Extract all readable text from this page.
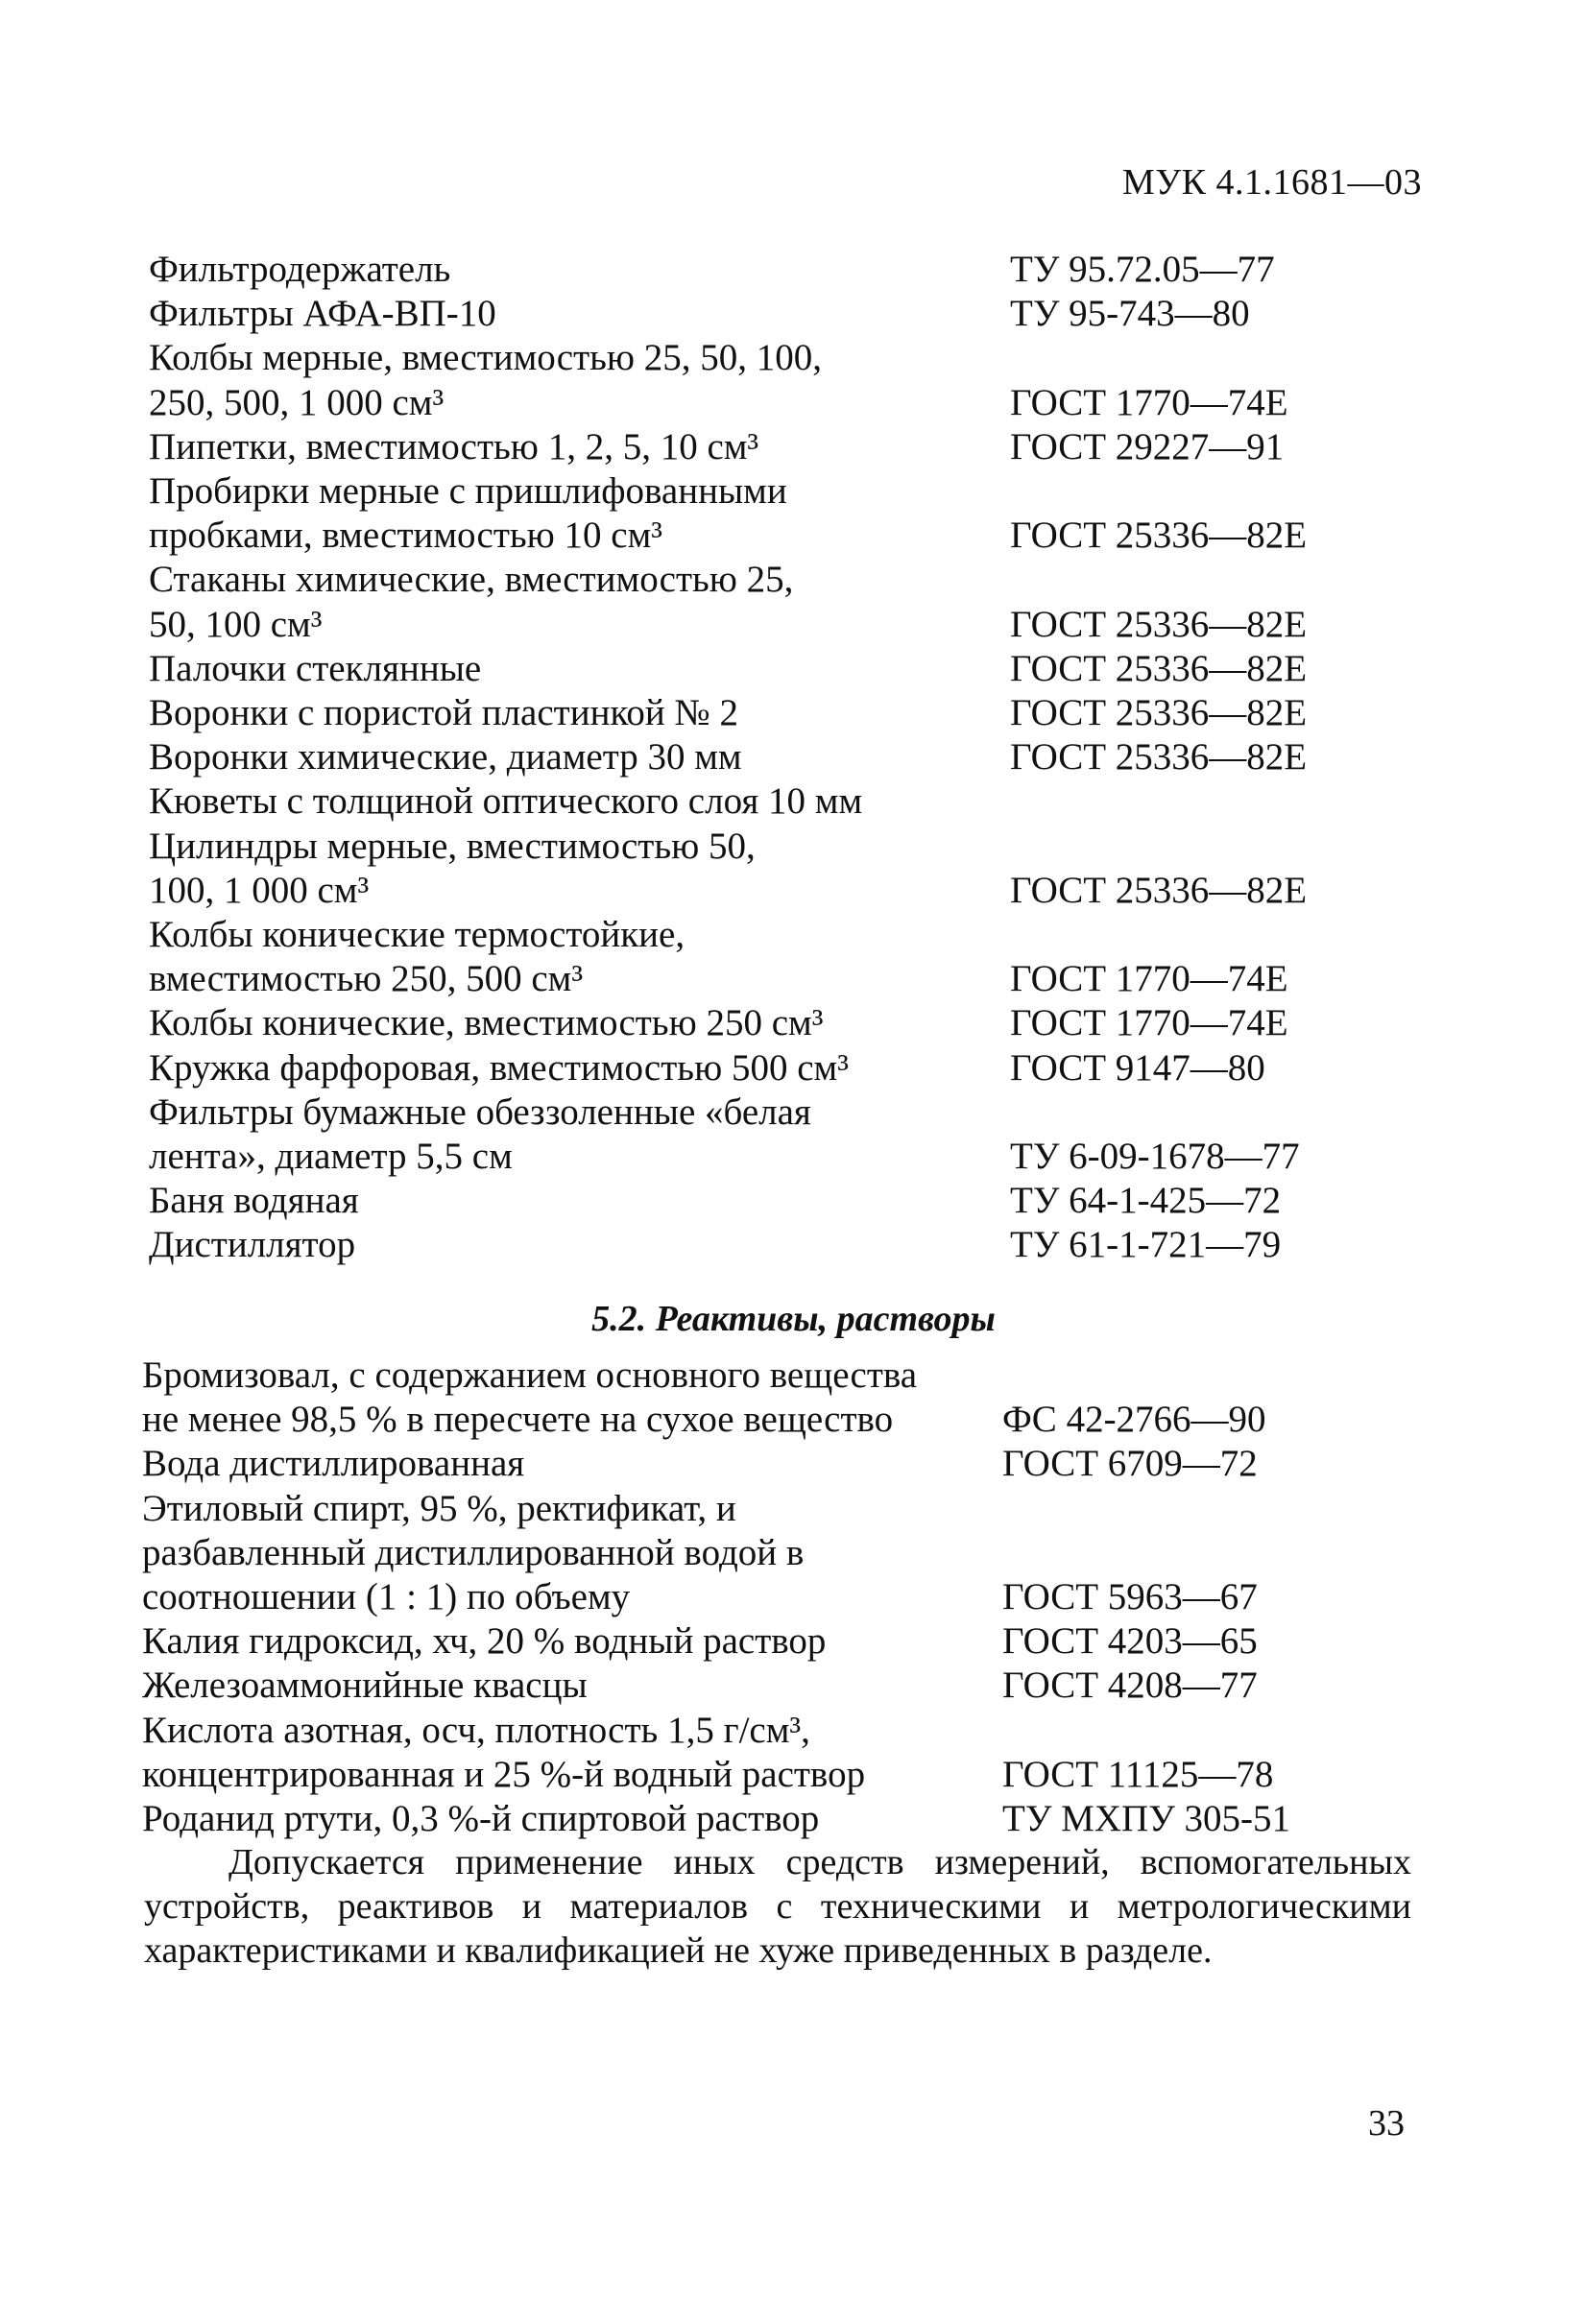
МУК 4.1.1681—03
Фильтродержатель	ТУ 95.72.05—77
Фильтры АФА-ВП-10	ТУ 95-743—80
Колбы мерные, вместимостью 25, 50, 100,
250, 500, 1 000 см³	ГОСТ 1770—74Е
Пипетки, вместимостью 1, 2, 5, 10 см³	ГОСТ 29227—91
Пробирки мерные с пришлифованными
пробками, вместимостью 10 см³	ГОСТ 25336—82Е
Стаканы химические, вместимостью 25,
50, 100 см³	ГОСТ 25336—82Е
Палочки стеклянные	ГОСТ 25336—82Е
Воронки с пористой пластинкой № 2	ГОСТ 25336—82Е
Воронки химические, диаметр 30 мм	ГОСТ 25336—82Е
Кюветы с толщиной оптического слоя 10 мм
Цилиндры мерные, вместимостью 50,
100, 1 000 см³	ГОСТ 25336—82Е
Колбы конические термостойкие,
вместимостью 250, 500 см³	ГОСТ 1770—74Е
Колбы конические, вместимостью 250 см³	ГОСТ 1770—74Е
Кружка фарфоровая, вместимостью 500 см³	ГОСТ 9147—80
Фильтры бумажные обеззоленные «белая
лента», диаметр 5,5 см	ТУ 6-09-1678—77
Баня водяная	ТУ 64-1-425—72
Дистиллятор	ТУ 61-1-721—79
5.2. Реактивы, растворы
Бромизовал, с содержанием основного вещества
не менее 98,5 % в пересчете на сухое вещество	ФС 42-2766—90
Вода дистиллированная	ГОСТ 6709—72
Этиловый спирт, 95 %, ректификат, и
разбавленный дистиллированной водой в
соотношении (1 : 1) по объему	ГОСТ 5963—67
Калия гидроксид, хч, 20 % водный раствор	ГОСТ 4203—65
Железоаммонийные квасцы	ГОСТ 4208—77
Кислота азотная, осч, плотность 1,5 г/см³,
концентрированная и 25 %-й водный раствор	ГОСТ 11125—78
Роданид ртути, 0,3 %-й спиртовой раствор	ТУ МХПУ 305-51
Допускается применение иных средств измерений, вспомогательных устройств, реактивов и материалов с техническими и метрологическими характеристиками и квалификацией не хуже приведенных в разделе.
33
